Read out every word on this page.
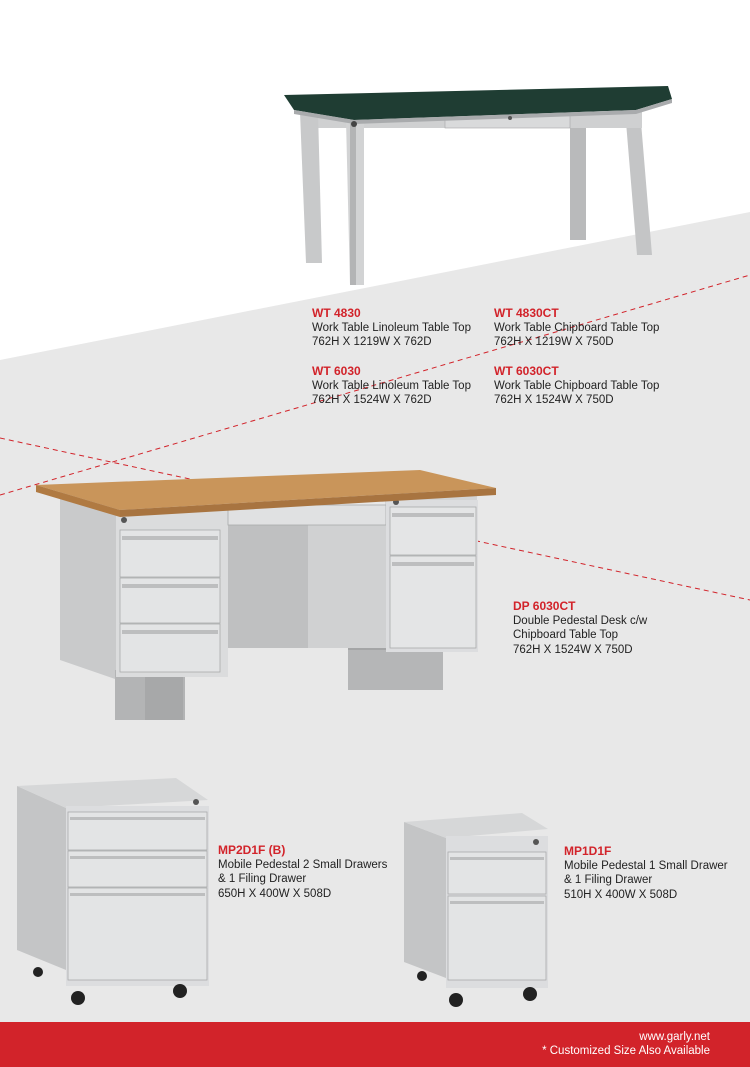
WT 4830
Work Table Linoleum Table Top
762H X 1219W X 762D
WT 4830CT
Work Table Chipboard Table Top
762H X 1219W X 750D
WT 6030
Work Table Linoleum Table Top
762H X 1524W X 762D
WT 6030CT
Work Table Chipboard Table Top
762H X 1524W X 750D
DP 6030CT
Double Pedestal Desk c/w
Chipboard Table Top
762H X 1524W X 750D
MP2D1F (B)
Mobile Pedestal 2 Small Drawers
& 1 Filing Drawer
650H X 400W X 508D
MP1D1F
Mobile Pedestal 1 Small Drawer
& 1 Filing Drawer
510H X 400W X 508D
www.garly.net
* Customized Size Also Available
